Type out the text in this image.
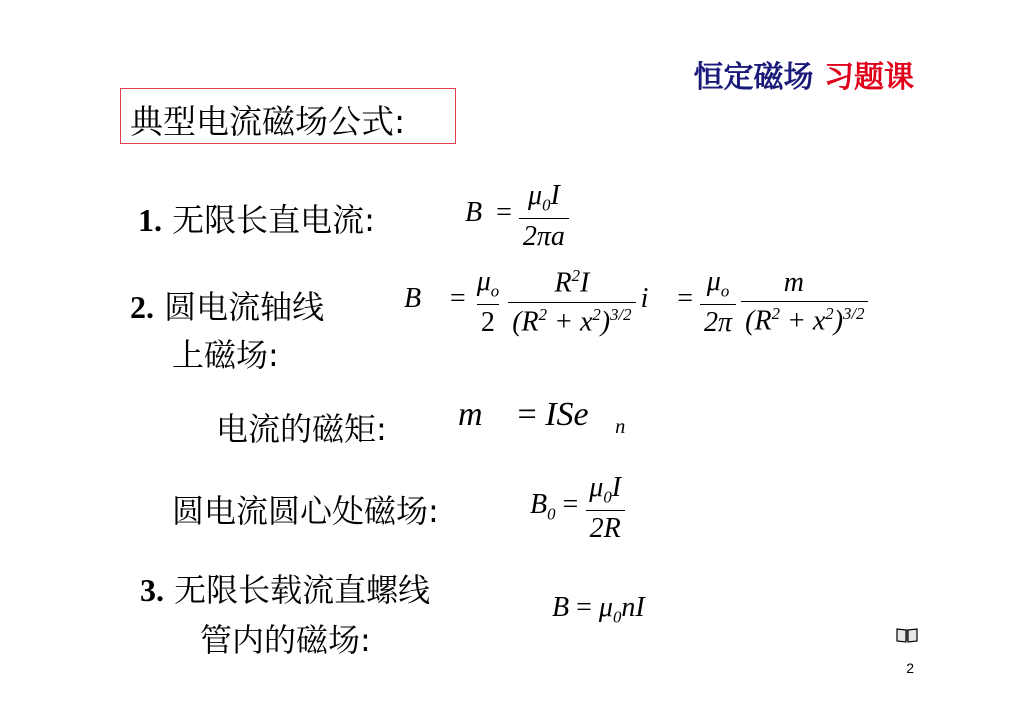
恒定磁场 习题课
典型电流磁场公式:
1. 无限长直电流:	$B = \frac{\mu_0I}{2\pi a}$
2. 圆电流轴线
上磁场:
B⃗ = $\frac{\mu_o}{2}$
$\frac{R^2I}{(R^2 + x^2)^{3/2}}$ i⃗ = $\frac{\mu_o}{2\pi}$
$\frac{m⃗}{(R^2 + x^2)^{3/2}}$
电流的磁矩: m⃗ = $ISe⃗_n$
圆电流圆心处磁场:	$B_0 = \frac{\mu_0I}{2R}$
3. 无限长载流直螺线
管内的磁场:
$B = \mu_0nI$
2
